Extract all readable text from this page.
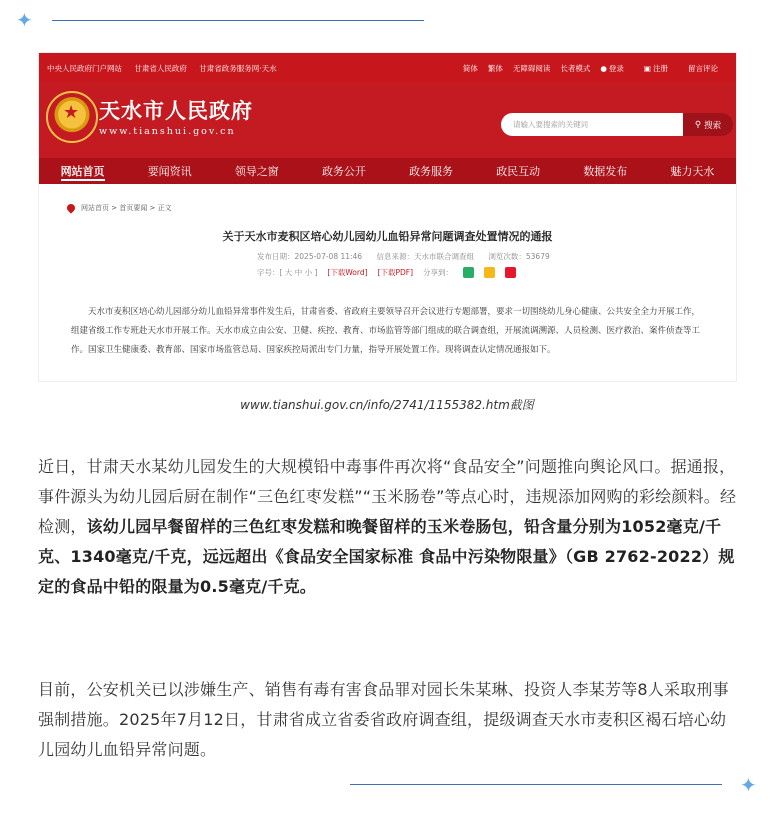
✦
中央人民政府门户网站 甘肃省人民政府 甘肃省政务服务网·天水	简体 繁体 无障碍阅读 长者模式 ● 登录	▣ 注册	留言评论
★
天水市人民政府
www.tianshui.gov.cn
请输入要搜索的关键词	⚲ 搜索
网站首页	要闻资讯	领导之窗	政务公开	政务服务	政民互动	数据发布	魅力天水
网站首页 > 首页要闻 > 正文
关于天水市麦积区培心幼儿园幼儿血铅异常问题调查处置情况的通报
发布日期：2025-07-08 11:46 信息来源：天水市联合调查组 浏览次数：53679
字号：[ 大 中 小 ] [下载Word] [下载PDF] 分享到：
天水市麦积区培心幼儿园部分幼儿血铅异常事件发生后，甘肃省委、省政府主要领导召开会议进行专题部署，要求一切围绕幼儿身心健康、公共安全全力开展工作，组建省级工作专班赴天水市开展工作。天水市成立由公安、卫健、疾控、教育、市场监管等部门组成的联合调查组，开展流调溯源、人员检测、医疗救治、案件侦查等工作。国家卫生健康委、教育部、国家市场监管总局、国家疾控局派出专门力量，指导开展处置工作。现将调查认定情况通报如下。
www.tianshui.gov.cn/info/2741/1155382.htm截图
近日，甘肃天水某幼儿园发生的大规模铅中毒事件再次将“食品安全”问题推向舆论风口。据通报，事件源头为幼儿园后厨在制作“三色红枣发糕”“玉米肠卷”等点心时，违规添加网购的彩绘颜料。经检测，该幼儿园早餐留样的三色红枣发糕和晚餐留样的玉米卷肠包，铅含量分别为1052毫克/千克、1340毫克/千克，远远超出《食品安全国家标准 食品中污染物限量》（GB 2762-2022）规定的食品中铅的限量为0.5毫克/千克。
目前，公安机关已以涉嫌生产、销售有毒有害食品罪对园长朱某琳、投资人李某芳等8人采取刑事强制措施。2025年7月12日，甘肃省成立省委省政府调查组，提级调查天水市麦积区褐石培心幼儿园幼儿血铅异常问题。
✦
